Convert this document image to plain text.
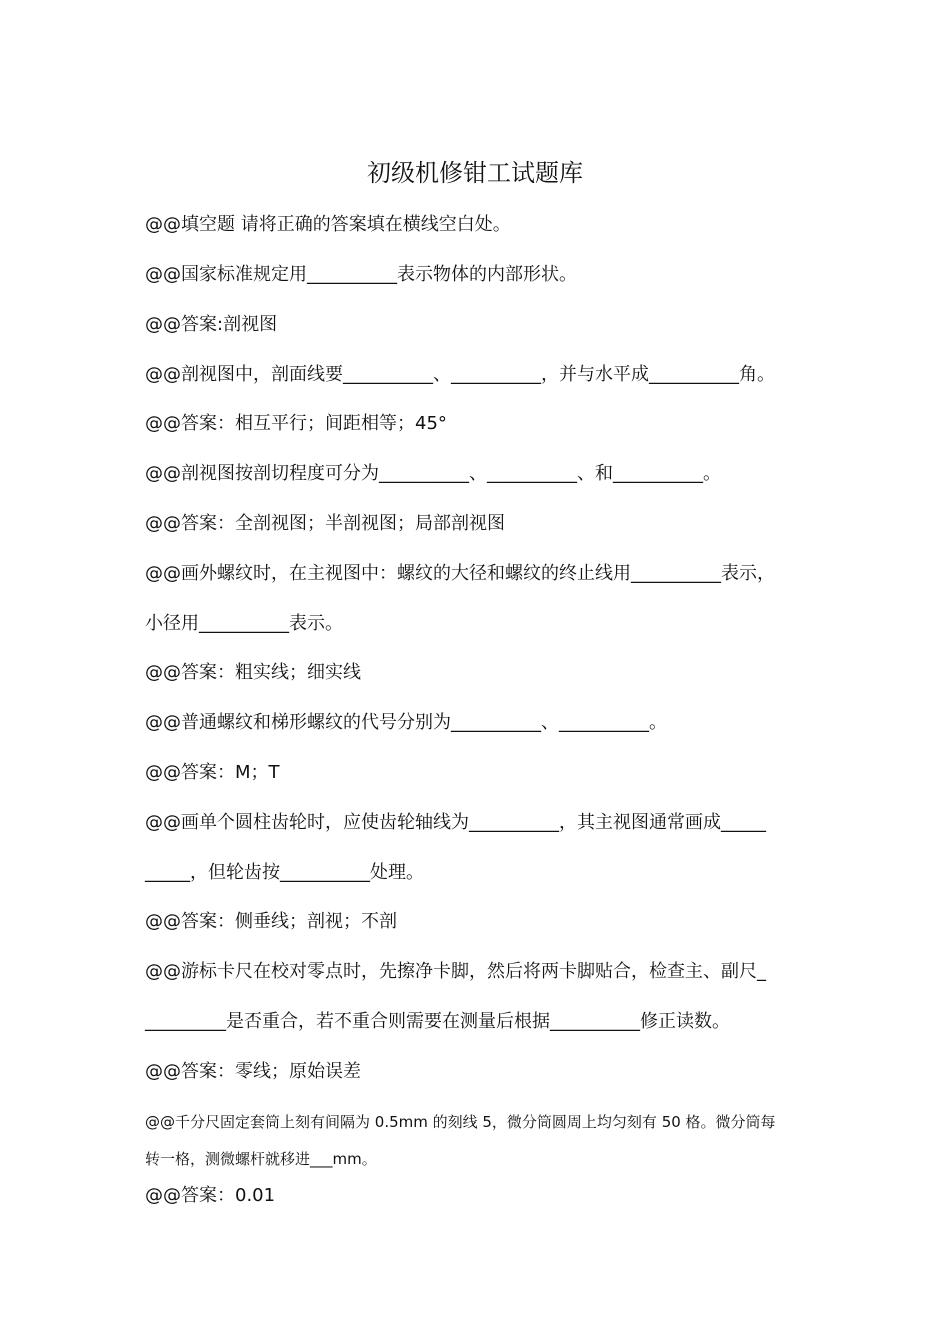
初级机修钳工试题库
@@填空题 请将正确的答案填在横线空白处。
@@国家标准规定用__________表示物体的内部形状。
@@答案:剖视图
@@剖视图中，剖面线要__________、__________，并与水平成__________角。
@@答案：相互平行；间距相等；45°
@@剖视图按剖切程度可分为__________、__________、和__________。
@@答案：全剖视图；半剖视图；局部剖视图
@@画外螺纹时，在主视图中：螺纹的大径和螺纹的终止线用__________表示，
小径用__________表示。
@@答案：粗实线；细实线
@@普通螺纹和梯形螺纹的代号分别为__________、__________。
@@答案：M；T
@@画单个圆柱齿轮时，应使齿轮轴线为__________，其主视图通常画成_____
_____，但轮齿按__________处理。
@@答案：侧垂线；剖视；不剖
@@游标卡尺在校对零点时，先擦净卡脚，然后将两卡脚贴合，检查主、副尺_
_________是否重合，若不重合则需要在测量后根据__________修正读数。
@@答案：零线；原始误差
@@千分尺固定套筒上刻有间隔为 0.5mm 的刻线 5，微分筒圆周上均匀刻有 50 格。微分筒每
转一格，测微螺杆就移进___mm。
@@答案：0.01
